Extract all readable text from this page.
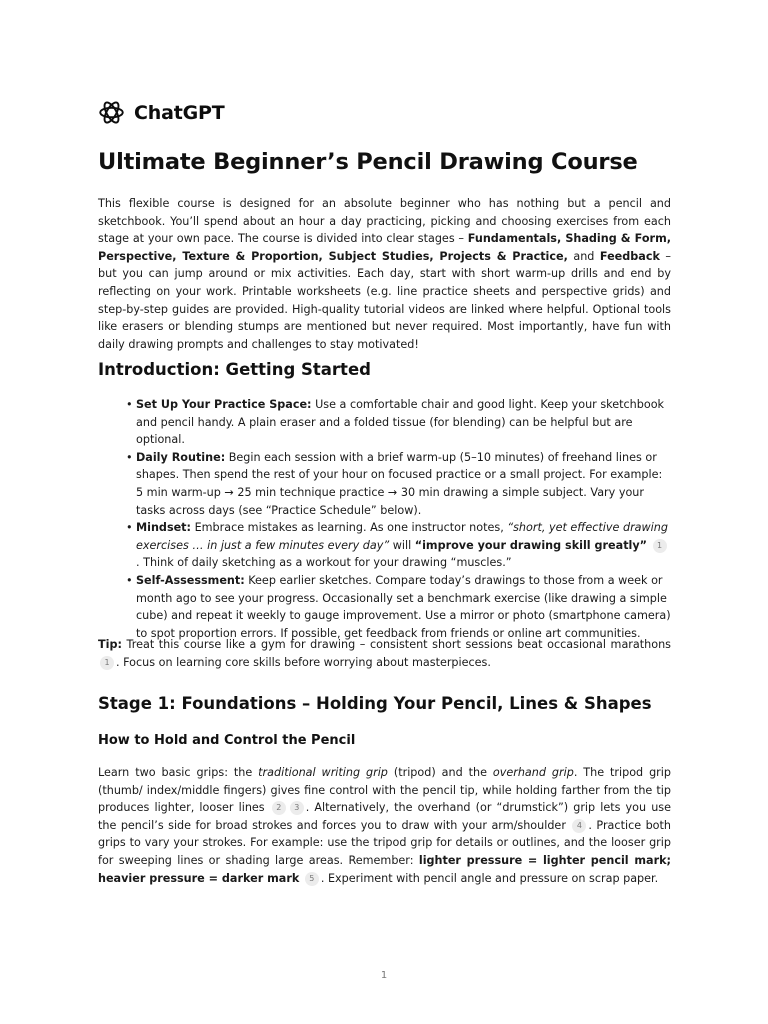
ChatGPT
Ultimate Beginner’s Pencil Drawing Course

This flexible course is designed for an absolute beginner who has nothing but a pencil and sketchbook. You’ll spend about an hour a day practicing, picking and choosing exercises from each stage at your own pace. The course is divided into clear stages – Fundamentals, Shading & Form, Perspective, Texture & Proportion, Subject Studies, Projects & Practice, and Feedback – but you can jump around or mix activities. Each day, start with short warm-up drills and end by reflecting on your work. Printable worksheets (e.g. line practice sheets and perspective grids) and step-by-step guides are provided. High-quality tutorial videos are linked where helpful. Optional tools like erasers or blending stumps are mentioned but never required. Most importantly, have fun with daily drawing prompts and challenges to stay motivated!

Introduction: Getting Started
• Set Up Your Practice Space: Use a comfortable chair and good light. Keep your sketchbook and pencil handy. A plain eraser and a folded tissue (for blending) can be helpful but are optional.
• Daily Routine: Begin each session with a brief warm-up (5–10 minutes) of freehand lines or shapes. Then spend the rest of your hour on focused practice or a small project. For example: 5 min warm-up → 25 min technique practice → 30 min drawing a simple subject. Vary your tasks across days (see “Practice Schedule” below).
• Mindset: Embrace mistakes as learning. As one instructor notes, “short, yet effective drawing exercises … in just a few minutes every day” will “improve your drawing skill greatly” 1. Think of daily sketching as a workout for your drawing “muscles.”
• Self-Assessment: Keep earlier sketches. Compare today’s drawings to those from a week or month ago to see your progress. Occasionally set a benchmark exercise (like drawing a simple cube) and repeat it weekly to gauge improvement. Use a mirror or photo (smartphone camera) to spot proportion errors. If possible, get feedback from friends or online art communities.

Tip: Treat this course like a gym for drawing – consistent short sessions beat occasional marathons 1 . Focus on learning core skills before worrying about masterpieces.

Stage 1: Foundations – Holding Your Pencil, Lines & Shapes
How to Hold and Control the Pencil

Learn two basic grips: the traditional writing grip (tripod) and the overhand grip. The tripod grip (thumb/ index/middle fingers) gives fine control with the pencil tip, while holding farther from the tip produces lighter, looser lines 2 3 . Alternatively, the overhand (or “drumstick”) grip lets you use the pencil’s side for broad strokes and forces you to draw with your arm/shoulder 4 . Practice both grips to vary your strokes. For example: use the tripod grip for details or outlines, and the looser grip for sweeping lines or shading large areas. Remember: lighter pressure = lighter pencil mark; heavier pressure = darker mark 5 . Experiment with pencil angle and pressure on scrap paper.

1
